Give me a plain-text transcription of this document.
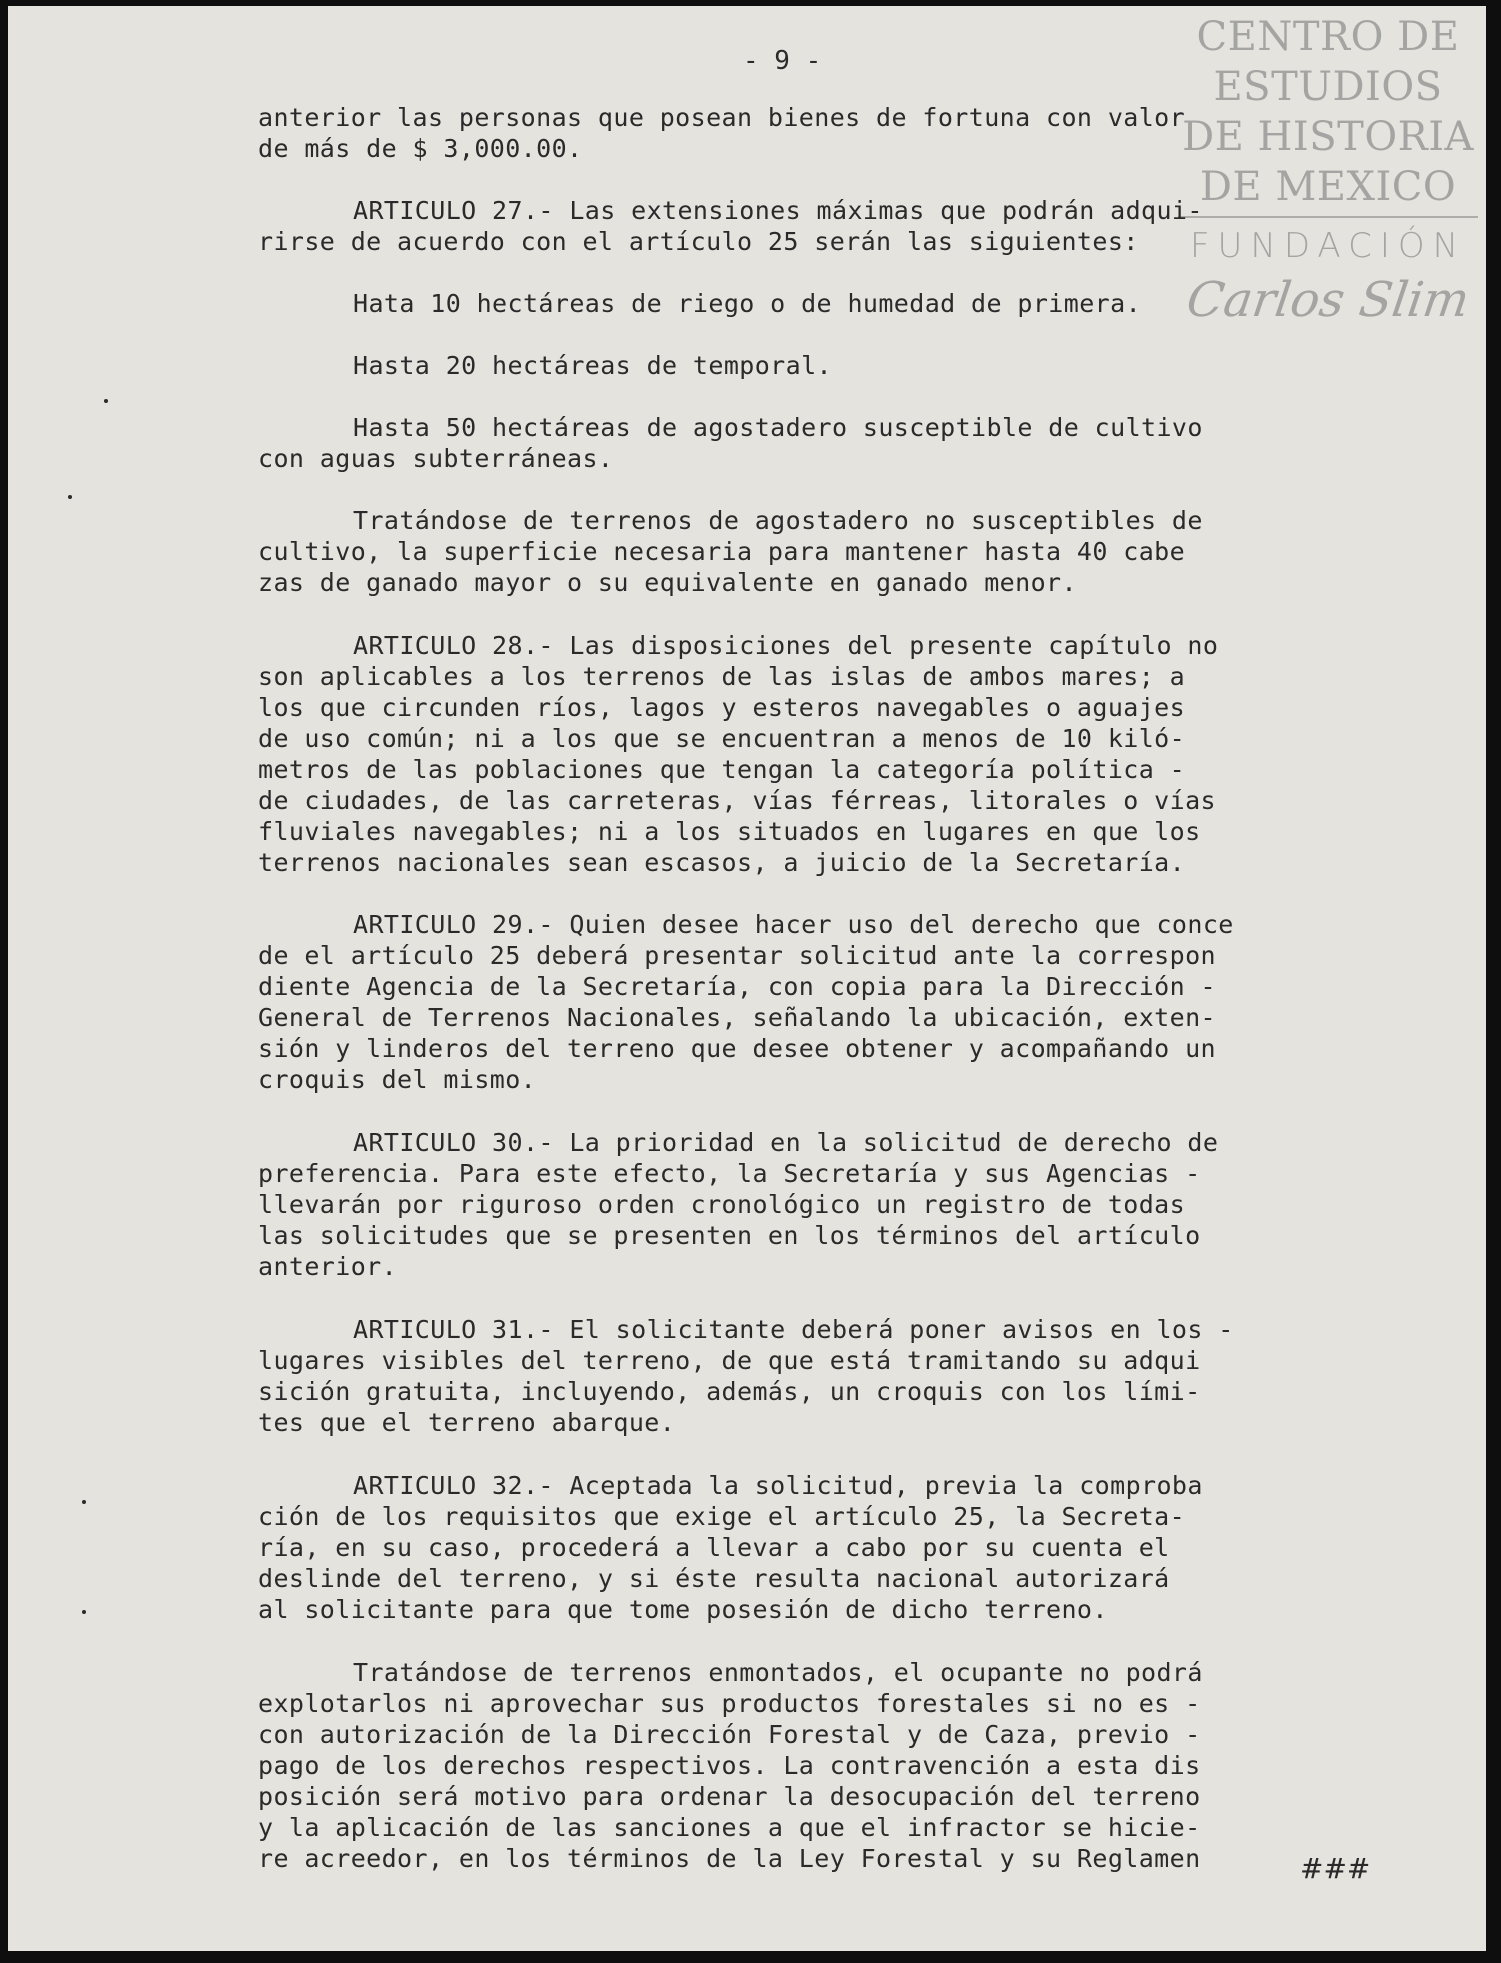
CENTRO DE
ESTUDIOS
DE HISTORIA
DE MEXICO
FUNDACIÓN
Carlos Slim
- 9 -

anterior las personas que posean bienes de fortuna con valor

de más de $ 3,000.00.

ARTICULO 27.- Las extensiones máximas que podrán adqui-

rirse de acuerdo con el artículo 25 serán las siguientes:

Hata 10 hectáreas de riego o de humedad de primera.

Hasta 20 hectáreas de temporal.

Hasta 50 hectáreas de agostadero susceptible de cultivo

con aguas subterráneas.

Tratándose de terrenos de agostadero no susceptibles de

cultivo, la superficie necesaria para mantener hasta 40 cabe

zas de ganado mayor o su equivalente en ganado menor.

ARTICULO 28.- Las disposiciones del presente capítulo no

son aplicables a los terrenos de las islas de ambos mares; a

los que circunden ríos, lagos y esteros navegables o aguajes

de uso común; ni a los que se encuentran a menos de 10 kiló-

metros de las poblaciones que tengan la categoría política -

de ciudades, de las carreteras, vías férreas, litorales o vías

fluviales navegables; ni a los situados en lugares en que los

terrenos nacionales sean escasos, a juicio de la Secretaría.

ARTICULO 29.- Quien desee hacer uso del derecho que conce

de el artículo 25 deberá presentar solicitud ante la correspon

diente Agencia de la Secretaría, con copia para la Dirección -

General de Terrenos Nacionales, señalando la ubicación, exten-

sión y linderos del terreno que desee obtener y acompañando un

croquis del mismo.

ARTICULO 30.- La prioridad en la solicitud de derecho de

preferencia. Para este efecto, la Secretaría y sus Agencias -

llevarán por riguroso orden cronológico un registro de todas

las solicitudes que se presenten en los términos del artículo

anterior.

ARTICULO 31.- El solicitante deberá poner avisos en los -

lugares visibles del terreno, de que está tramitando su adqui

sición gratuita, incluyendo, además, un croquis con los lími-

tes que el terreno abarque.

ARTICULO 32.- Aceptada la solicitud, previa la comproba

ción de los requisitos que exige el artículo 25, la Secreta-

ría, en su caso, procederá a llevar a cabo por su cuenta el

deslinde del terreno, y si éste resulta nacional autorizará

al solicitante para que tome posesión de dicho terreno.

Tratándose de terrenos enmontados, el ocupante no podrá

explotarlos ni aprovechar sus productos forestales si no es -

con autorización de la Dirección Forestal y de Caza, previo -

pago de los derechos respectivos. La contravención a esta dis

posición será motivo para ordenar la desocupación del terreno

y la aplicación de las sanciones a que el infractor se hicie-

re acreedor, en los términos de la Ley Forestal y su Reglamen

	###
